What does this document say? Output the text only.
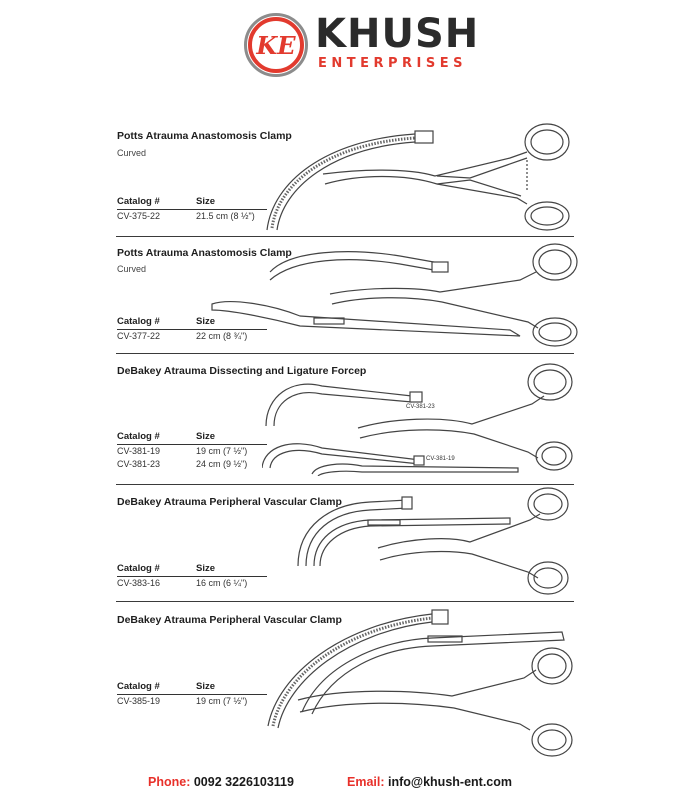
KE KHUSH
ENTERPRISES
Potts Atrauma Anastomosis Clamp
Curved
Catalog #	Size
CV-375-22	21.5 cm (8 ½")
Potts Atrauma Anastomosis Clamp
Curved
Catalog #	Size
CV-377-22	22 cm (8 ¾")
DeBakey Atrauma Dissecting and Ligature Forcep
Catalog #	Size
CV-381-19	19 cm (7 ½")
CV-381-23	24 cm (9 ½")
CV-381-23
CV-381-19
DeBakey Atrauma Peripheral Vascular Clamp
Catalog #	Size
CV-383-16	16 cm (6 ¼")
DeBakey Atrauma Peripheral Vascular Clamp
Catalog #	Size
CV-385-19	19 cm (7 ½")
Phone: 0092 3226103119	Email: info@khush-ent.com
